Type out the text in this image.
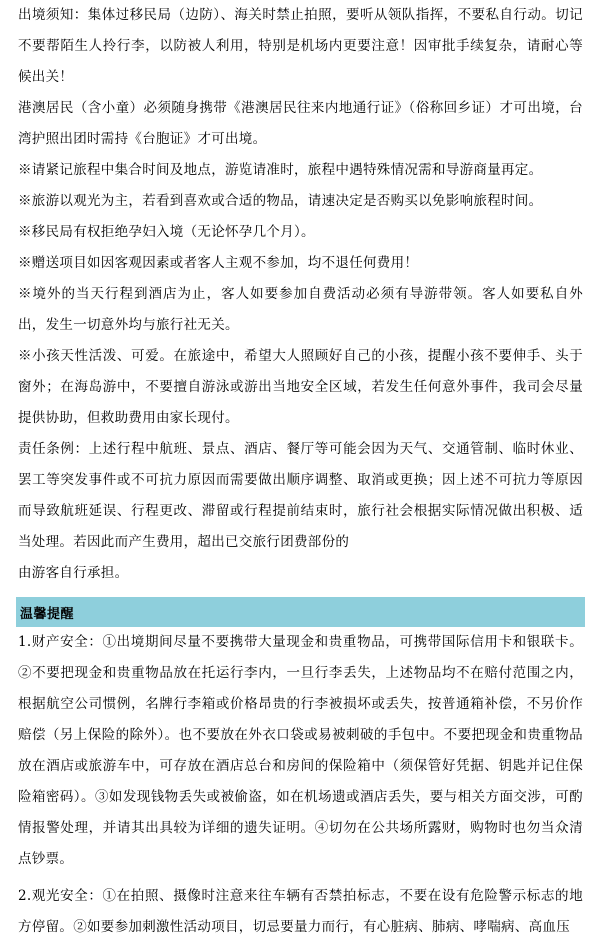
出境须知：集体过移民局（边防）、海关时禁止拍照，要听从领队指挥，不要私自行动。切记不要帮陌生人拎行李，以防被人利用，特别是机场内更要注意！因审批手续复杂，请耐心等候出关！

港澳居民（含小童）必须随身携带《港澳居民往来内地通行证》（俗称回乡证）才可出境，台湾护照出团时需持《台胞证》才可出境。

※请紧记旅程中集合时间及地点，游览请准时，旅程中遇特殊情况需和导游商量再定。

※旅游以观光为主，若看到喜欢或合适的物品，请速决定是否购买以免影响旅程时间。

※移民局有权拒绝孕妇入境（无论怀孕几个月）。

※赠送项目如因客观因素或者客人主观不参加，均不退任何费用！

※境外的当天行程到酒店为止，客人如要参加自费活动必须有导游带领。客人如要私自外出，发生一切意外均与旅行社无关。

※小孩天性活泼、可爱。在旅途中，希望大人照顾好自己的小孩，提醒小孩不要伸手、头于窗外；在海岛游中，不要擅自游泳或游出当地安全区域，若发生任何意外事件，我司会尽量提供协助，但救助费用由家长现付。

责任条例：上述行程中航班、景点、酒店、餐厅等可能会因为天气、交通管制、临时休业、罢工等突发事件或不可抗力原因而需要做出顺序调整、取消或更换；因上述不可抗力等原因而导致航班延误、行程更改、滞留或行程提前结束时，旅行社会根据实际情况做出积极、适当处理。若因此而产生费用，超出已交旅行团费部份的

由游客自行承担。

温馨提醒

1.财产安全：①出境期间尽量不要携带大量现金和贵重物品，可携带国际信用卡和银联卡。②不要把现金和贵重物品放在托运行李内，一旦行李丢失，上述物品均不在赔付范围之内，根据航空公司惯例，名牌行李箱或价格昂贵的行李被损坏或丢失，按普通箱补偿，不另价作赔偿（另上保险的除外）。也不要放在外衣口袋或易被刺破的手包中。不要把现金和贵重物品放在酒店或旅游车中，可存放在酒店总台和房间的保险箱中（须保管好凭据、钥匙并记住保险箱密码）。③如发现钱物丢失或被偷盗，如在机场遗或酒店丢失，要与相关方面交涉，可酌情报警处理，并请其出具较为详细的遗失证明。④切勿在公共场所露财，购物时也勿当众清点钞票。

2.观光安全：①在拍照、摄像时注意来往车辆有否禁拍标志，不要在设有危险警示标志的地方停留。②如要参加刺激性活动项目，切忌要量力而行，有心脏病、肺病、哮喘病、高血压
